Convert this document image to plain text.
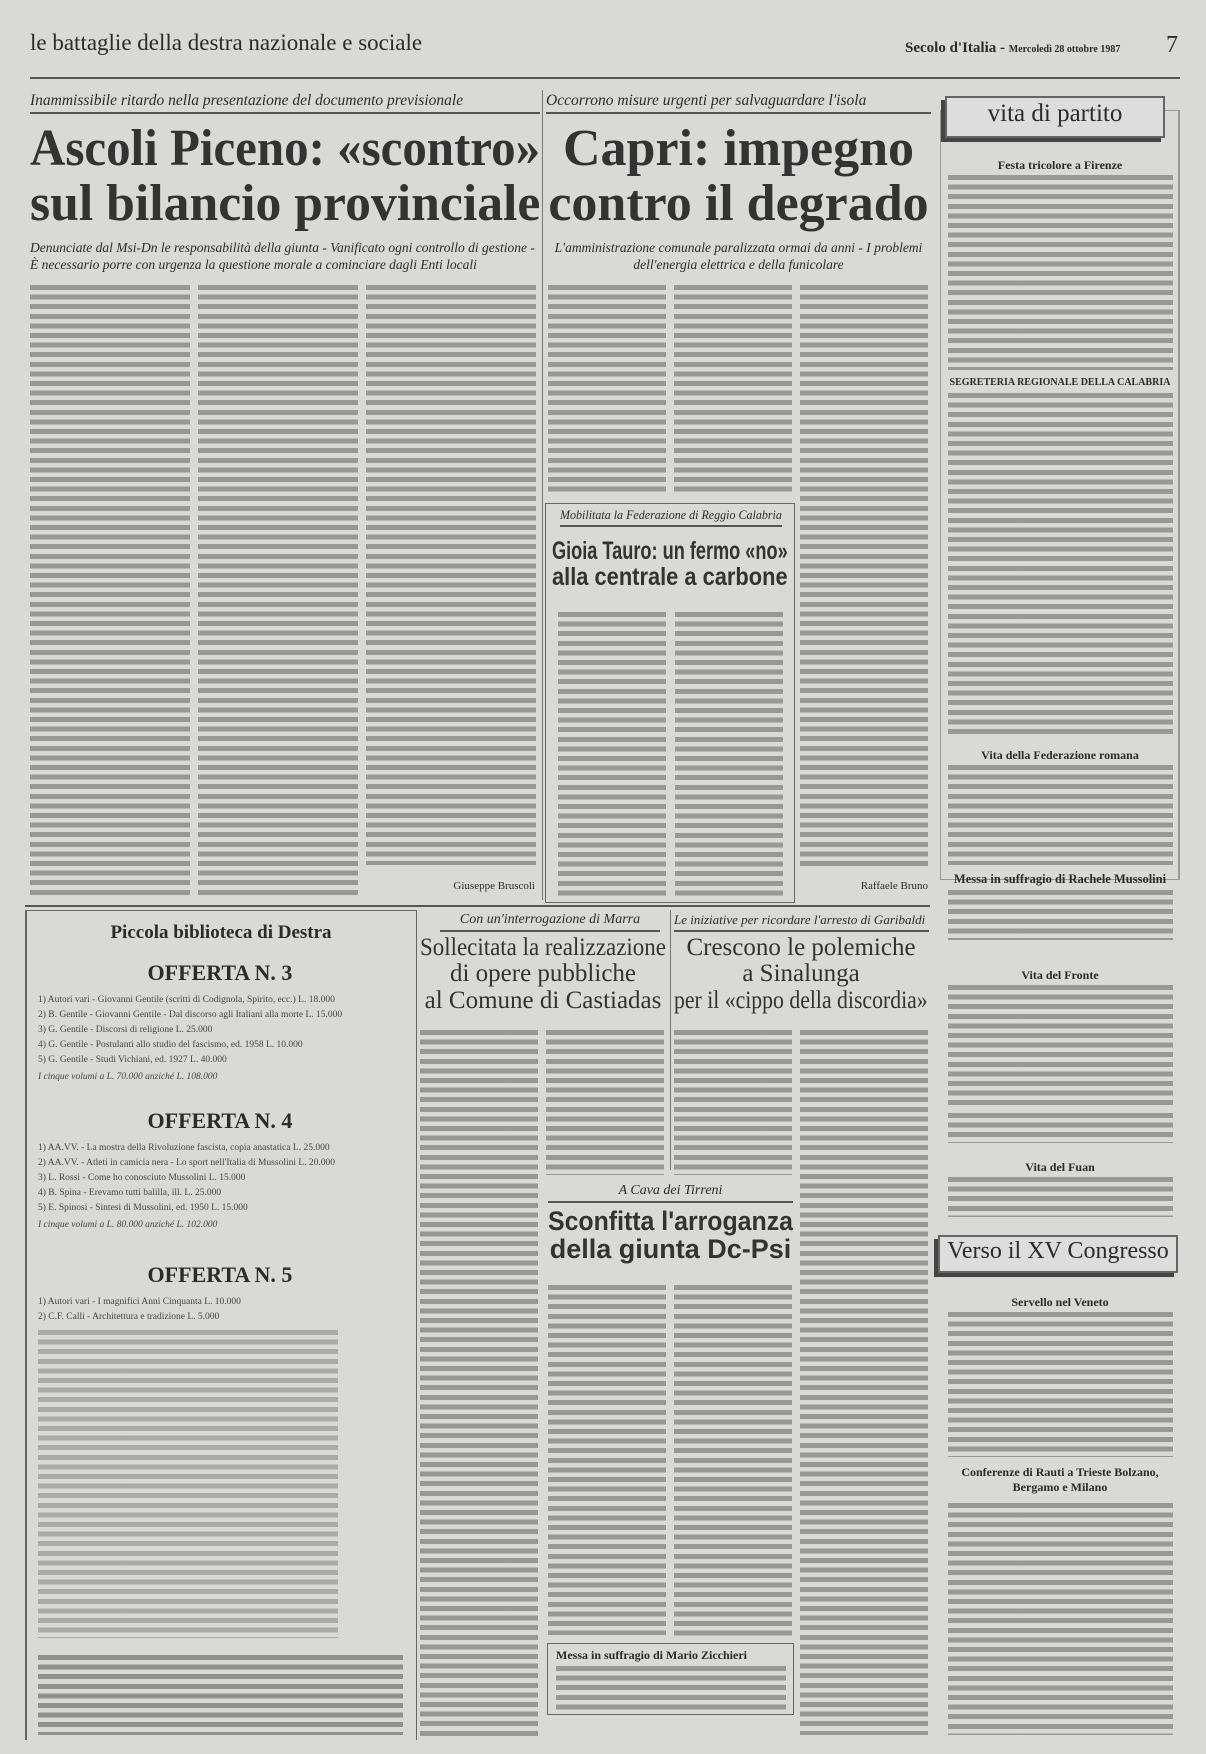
le battaglie della destra nazionale e sociale	Secolo d'Italia - Mercoledì 28 ottobre 1987 7
Inammissibile ritardo nella presentazione del documento previsionale
Ascoli Piceno: «scontro»
sul bilancio provinciale
Denunciate dal Msi-Dn le responsabilità della giunta - Vanificato ogni controllo di gestione - È necessario porre con urgenza la questione morale a cominciare dagli Enti locali
Giuseppe Bruscoli
Occorrono misure urgenti per salvaguardare l'isola
Capri: impegno
contro il degrado
L'amministrazione comunale paralizzata ormai da anni - I problemi dell'energia elettrica e della funicolare
Raffaele Bruno
Mobilitata la Federazione di Reggio Calabria
Gioia Tauro: un fermo «no»
alla centrale a carbone
Piccola biblioteca di Destra
OFFERTA N. 3
1) Autori vari - Giovanni Gentile (scritti di Codignola, Spirito, ecc.) L. 18.000
2) B. Gentile - Giovanni Gentile - Dal discorso agli Italiani alla morte L. 15.000
3) G. Gentile - Discorsi di religione L. 25.000
4) G. Gentile - Postulanti allo studio del fascismo, ed. 1958 L. 10.000
5) G. Gentile - Studi Vichiani, ed. 1927 L. 40.000
I cinque volumi a L. 70.000 anziché L. 108.000
OFFERTA N. 4
1) AA.VV. - La mostra della Rivoluzione fascista, copia anastatica L. 25.000
2) AA.VV. - Atleti in camicia nera - Lo sport nell'Italia di Mussolini L. 20.000
3) L. Rossi - Come ho conosciuto Mussolini L. 15.000
4) B. Spina - Erevamo tutti balilla, ill. L. 25.000
5) E. Spinosi - Sintesi di Mussolini, ed. 1950 L. 15.000
I cinque volumi a L. 80.000 anziché L. 102.000
OFFERTA N. 5
1) Autori vari - I magnifici Anni Cinquanta L. 10.000
2) C.F. Calli - Architettura e tradizione L. 5.000
Con un'interrogazione di Marra
Sollecitata la realizzazione
di opere pubbliche
al Comune di Castiadas
Le iniziative per ricordare l'arresto di Garibaldi
Crescono le polemiche
a Sinalunga
per il «cippo della discordia»
A Cava dei Tirreni
Sconfitta l'arroganza
della giunta Dc-Psi
Messa in suffragio di Mario Zicchieri
vita di partito
Festa tricolore a Firenze
SEGRETERIA REGIONALE DELLA CALABRIA
Vita della Federazione romana
Messa in suffragio di Rachele Mussolini
Vita del Fronte
Vita del Fuan
Verso il XV Congresso
Servello nel Veneto
Conferenze di Rauti a Trieste Bolzano, Bergamo e Milano
